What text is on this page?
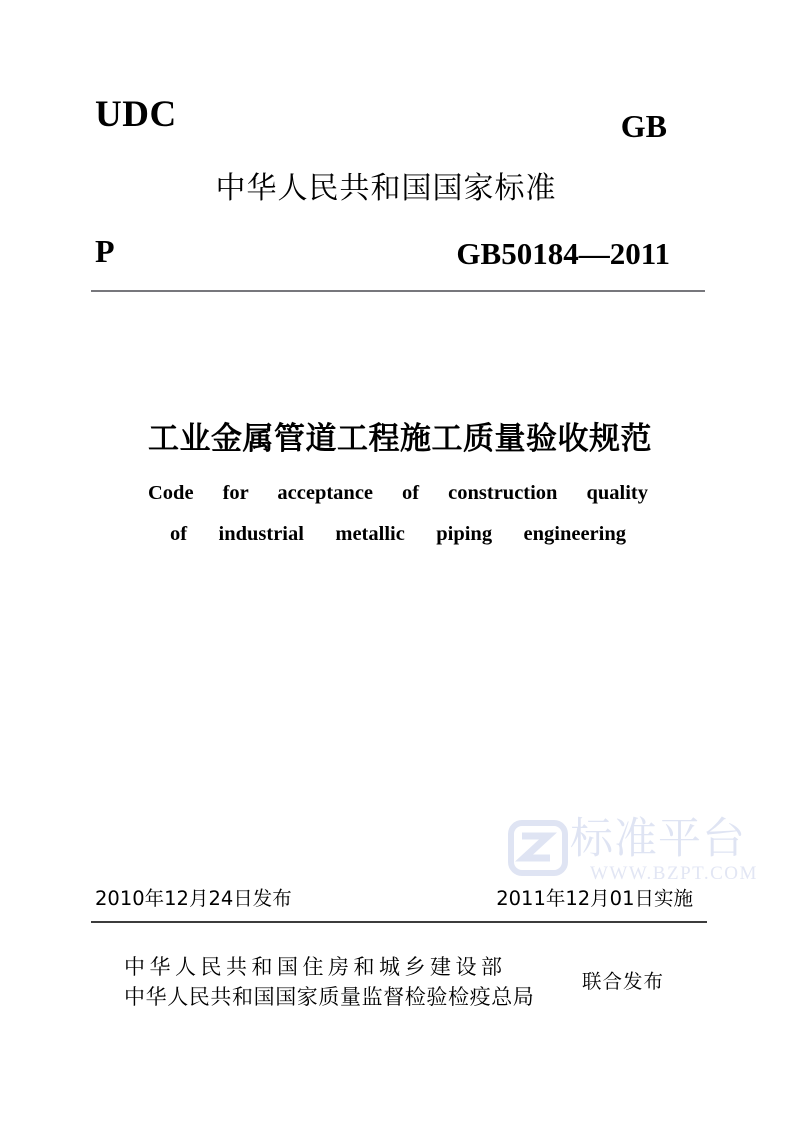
UDC	GB
中华人民共和国国家标准
P	GB50184—2011
工业金属管道工程施工质量验收规范
Code for acceptance of construction quality
of industrial metallic piping engineering
标准平台
WWW.BZPT.COM
2010年12月24日发布	2011年12月01日实施
中华人民共和国住房和城乡建设部
中华人民共和国国家质量监督检验检疫总局
联合发布
